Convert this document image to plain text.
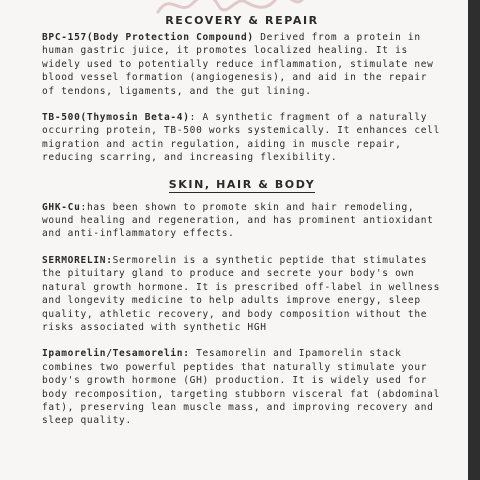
RECOVERY & REPAIR

BPC-157(Body Protection Compound) Derived from a protein in human gastric juice, it promotes localized healing. It is widely used to potentially reduce inflammation, stimulate new blood vessel formation (angiogenesis), and aid in the repair of tendons, ligaments, and the gut lining.

TB-500(Thymosin Beta-4): A synthetic fragment of a naturally occurring protein, TB-500 works systemically. It enhances cell migration and actin regulation, aiding in muscle repair, reducing scarring, and increasing flexibility.

SKIN, HAIR & BODY

GHK-Cu:has been shown to promote skin and hair remodeling, wound healing and regeneration, and has prominent antioxidant and anti-inflammatory effects.

SERMORELIN:Sermorelin is a synthetic peptide that stimulates the pituitary gland to produce and secrete your body's own natural growth hormone. It is prescribed off-label in wellness and longevity medicine to help adults improve energy, sleep quality, athletic recovery, and body composition without the risks associated with synthetic HGH

Ipamorelin/Tesamorelin: Tesamorelin and Ipamorelin stack combines two powerful peptides that naturally stimulate your body's growth hormone (GH) production. It is widely used for body recomposition, targeting stubborn visceral fat (abdominal fat), preserving lean muscle mass, and improving recovery and sleep quality.
